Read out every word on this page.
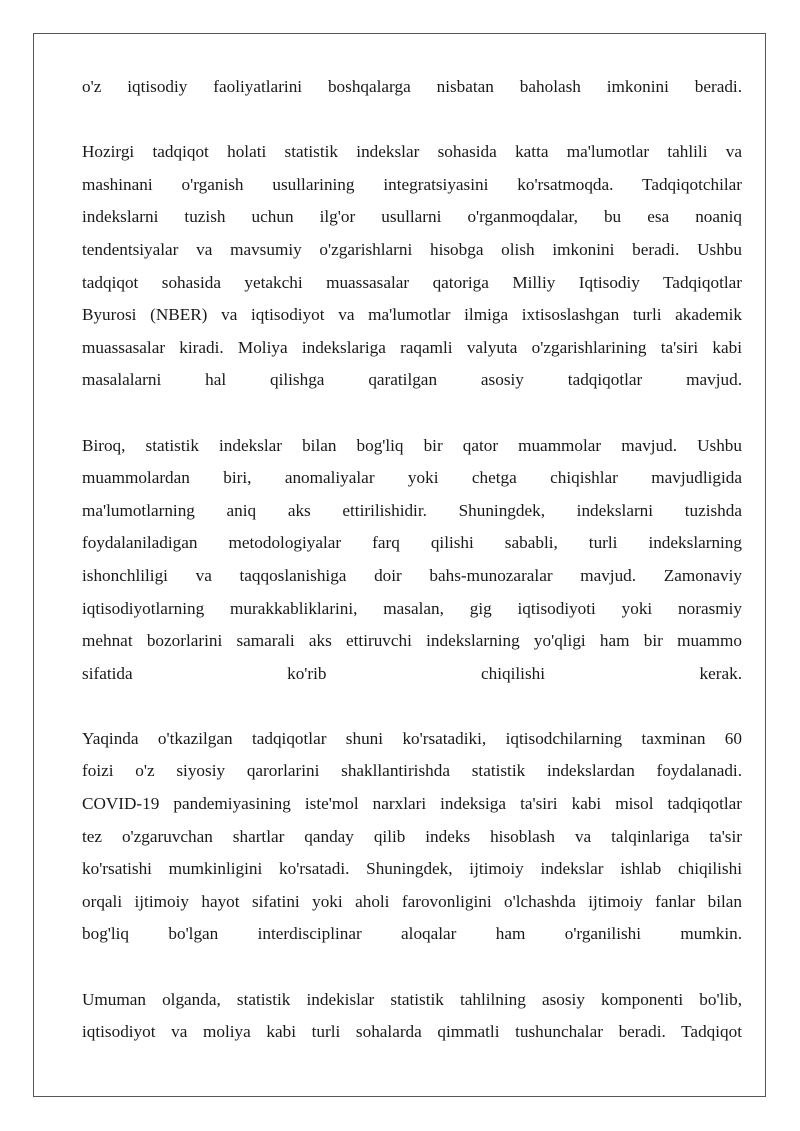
o'z iqtisodiy faoliyatlarini boshqalarga nisbatan baholash imkonini beradi.
Hozirgi tadqiqot holati statistik indekslar sohasida katta ma'lumotlar tahlili va
mashinani o'rganish usullarining integratsiyasini ko'rsatmoqda. Tadqiqotchilar
indekslarni tuzish uchun ilg'or usullarni o'rganmoqdalar, bu esa noaniq
tendentsiyalar va mavsumiy o'zgarishlarni hisobga olish imkonini beradi. Ushbu
tadqiqot sohasida yetakchi muassasalar qatoriga Milliy Iqtisodiy Tadqiqotlar
Byurosi (NBER) va iqtisodiyot va ma'lumotlar ilmiga ixtisoslashgan turli akademik
muassasalar kiradi. Moliya indekslariga raqamli valyuta o'zgarishlarining ta'siri kabi
masalalarni hal qilishga qaratilgan asosiy tadqiqotlar mavjud.
Biroq, statistik indekslar bilan bog'liq bir qator muammolar mavjud. Ushbu
muammolardan biri, anomaliyalar yoki chetga chiqishlar mavjudligida
ma'lumotlarning aniq aks ettirilishidir. Shuningdek, indekslarni tuzishda
foydalaniladigan metodologiyalar farq qilishi sababli, turli indekslarning
ishonchliligi va taqqoslanishiga doir bahs-munozaralar mavjud. Zamonaviy
iqtisodiyotlarning murakkabliklarini, masalan, gig iqtisodiyoti yoki norasmiy
mehnat bozorlarini samarali aks ettiruvchi indekslarning yo'qligi ham bir muammo
sifatida ko'rib chiqilishi kerak.
Yaqinda o'tkazilgan tadqiqotlar shuni ko'rsatadiki, iqtisodchilarning taxminan 60
foizi o'z siyosiy qarorlarini shakllantirishda statistik indekslardan foydalanadi.
COVID-19 pandemiyasining iste'mol narxlari indeksiga ta'siri kabi misol tadqiqotlar
tez o'zgaruvchan shartlar qanday qilib indeks hisoblash va talqinlariga ta'sir
ko'rsatishi mumkinligini ko'rsatadi. Shuningdek, ijtimoiy indekslar ishlab chiqilishi
orqali ijtimoiy hayot sifatini yoki aholi farovonligini o'lchashda ijtimoiy fanlar bilan
bog'liq bo'lgan interdisciplinar aloqalar ham o'rganilishi mumkin.
Umuman olganda, statistik indekislar statistik tahlilning asosiy komponenti bo'lib,
iqtisodiyot va moliya kabi turli sohalarda qimmatli tushunchalar beradi. Tadqiqot
